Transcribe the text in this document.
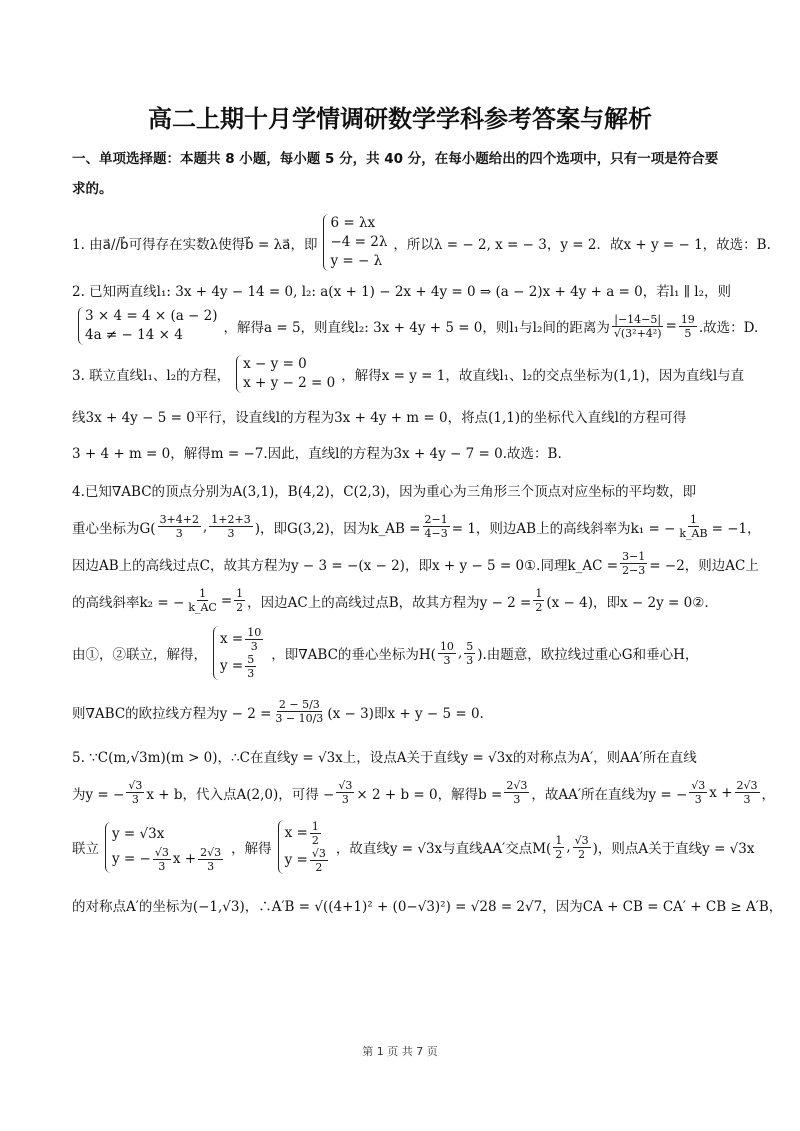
高二上期十月学情调研数学学科参考答案与解析
一、单项选择题：本题共 8 小题，每小题 5 分，共 40 分，在每小题给出的四个选项中，只有一项是符合要
求的。
1. 由a⃗//b⃗可得存在实数λ使得b⃗ = λa⃗，即
6 = λx
−4 = 2λ
y = − λ
，所以λ = − 2, x = − 3，y = 2．故x + y = − 1，故选：B.
2. 已知两直线l₁: 3x + 4y − 14 = 0, l₂: a(x + 1) − 2x + 4y = 0 ⇒ (a − 2)x + 4y + a = 0，若l₁ ∥ l₂，则
3 × 4 = 4 × (a − 2)
4a ≠ − 14 × 4	，解得a = 5，则直线l₂: 3x + 4y + 5 = 0，则l₁与l₂间的距离为 $\frac{|-14-5|}{\text{√(3²+4²)}} = \frac{19}{5}$ .故选：D.
3. 联立直线l₁、l₂的方程，
x − y = 0
x + y − 2 = 0 ，解得x = y = 1，故直线l₁、l₂的交点坐标为(1,1)，因为直线l与直
线3x + 4y − 5 = 0平行，设直线l的方程为3x + 4y + m = 0，将点(1,1)的坐标代入直线l的方程可得
3 + 4 + m = 0，解得m = −7.因此，直线l的方程为3x + 4y − 7 = 0.故选：B.
4.已知∇ABC的顶点分别为A(3,1)，B(4,2)，C(2,3)，因为重心为三角形三个顶点对应坐标的平均数，即
重心坐标为$G( \frac{3+4+2}{3}$ , $\frac{1+2+3}{3}$ )，即G(3,2)，因为k_AB = $\frac{2-1}{4-3} = 1$，则边AB上的高线斜率为k₁ = − $\frac{1}{k\_AB} = -1$，
因边AB上的高线过点C，故其方程为y − 3 = −(x − 2)，即x + y − 5 = 0①.同理k_AC = $\frac{3-1}{2-3} = -2$，则边AC上
的高线斜率k₂ = − $\frac{1}{k\_AC} = \frac{1}{2}$ ，因边AC上的高线过点B，故其方程为$y - 2 = \frac{1}{2} (x - 4)$，即x − 2y = 0②.
由①，②联立，解得，
$x = \frac{10}{3}$
$y = \frac{5}{3}$ ，即∇ABC的垂心坐标为$H( \frac{10}{3}$ , $\frac{5}{3}$ ).由题意，欧拉线过重心G和垂心H，
则∇ABC的欧拉线方程为$y - 2 = \frac{2 - 5/3}{3 - 10/3} (x - 3)$即x + y − 5 = 0.
5. ∵C(m,√3m)(m > 0)，∴C在直线y = √3x上，设点A关于直线y = √3x的对称点为A′，则AA′所在直线
为y = − $\frac{√3}{3}$ x + b，代入点A(2,0)，可得 − $\frac{√3}{3} \times 2 + b = 0$，解得$b = \frac{2√3}{3}$ ，故AA′所在直线为y = − $\frac{√3}{3}$ $x + \frac{2√3}{3}$ ，
联立
y = √3x
y = − $\frac{√3}{3}$ $x + \frac{2√3}{3}$ ，解得
$x = \frac{1}{2}$
$y = \frac{√3}{2}$ ，故直线y = √3x与直线AA′交点$M( \frac{1}{2}$ , $\frac{√3}{2}$ )，则点A关于直线y = √3x
的对称点A′的坐标为(−1,√3)，∴A′B = √((4+1)² + (0−√3)²) = √28 = 2√7，因为CA + CB = CA′ + CB ≥ A′B，
第 1 页 共 7 页
